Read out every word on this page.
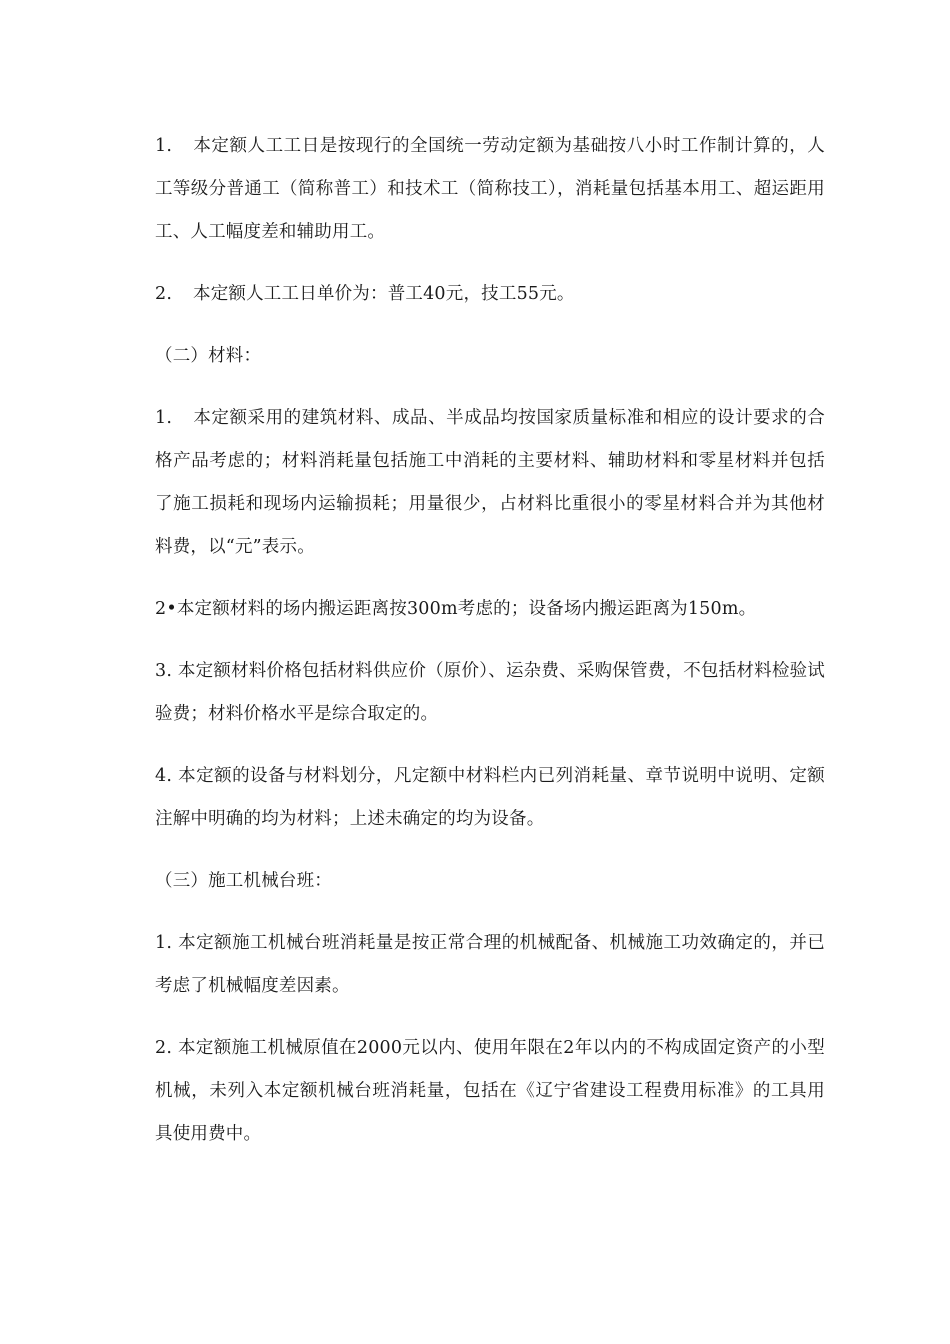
1. 本定额人工工日是按现行的全国统一劳动定额为基础按八小时工作制计算的，人工等级分普通工（简称普工）和技术工（简称技工），消耗量包括基本用工、超运距用工、人工幅度差和辅助用工。

2. 本定额人工工日单价为：普工40元，技工55元。

（二）材料：

1. 本定额采用的建筑材料、成品、半成品均按国家质量标准和相应的设计要求的合格产品考虑的；材料消耗量包括施工中消耗的主要材料、辅助材料和零星材料并包括了施工损耗和现场内运输损耗；用量很少，占材料比重很小的零星材料合并为其他材料费，以“元”表示。

2•本定额材料的场内搬运距离按300m考虑的；设备场内搬运距离为150m。

3. 本定额材料价格包括材料供应价（原价）、运杂费、采购保管费，不包括材料检验试验费；材料价格水平是综合取定的。

4. 本定额的设备与材料划分，凡定额中材料栏内已列消耗量、章节说明中说明、定额注解中明确的均为材料；上述未确定的均为设备。

（三）施工机械台班：

1. 本定额施工机械台班消耗量是按正常合理的机械配备、机械施工功效确定的，并已考虑了机械幅度差因素。

2. 本定额施工机械原值在2000元以内、使用年限在2年以内的不构成固定资产的小型机械，未列入本定额机械台班消耗量，包括在《辽宁省建设工程费用标准》的工具用具使用费中。
